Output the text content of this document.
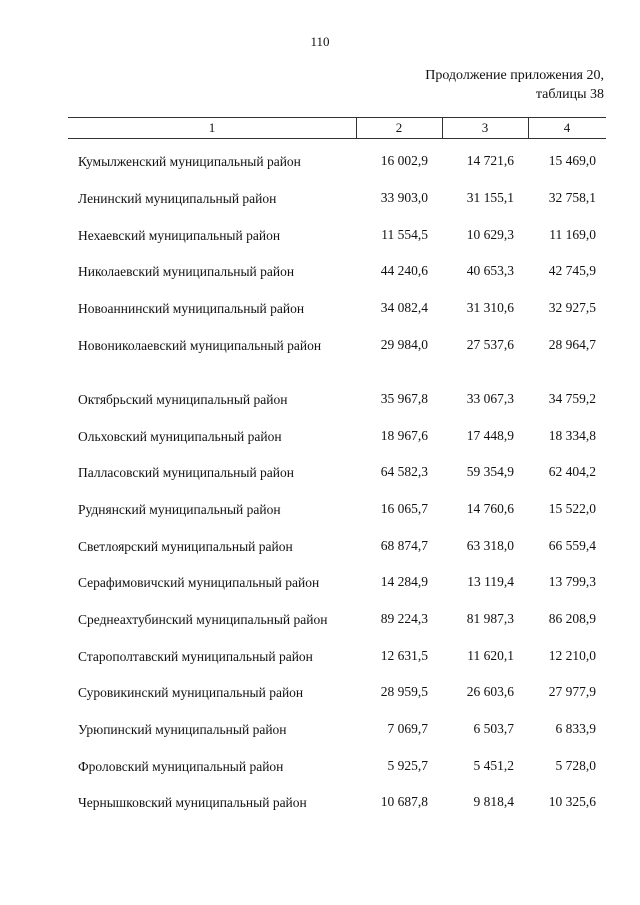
110
Продолжение приложения 20,
таблицы 38
1	2	3	4
Кумылженский муниципальный район	16 002,9	14 721,6	15 469,0
Ленинский муниципальный район	33 903,0	31 155,1	32 758,1
Нехаевский муниципальный район	11 554,5	10 629,3	11 169,0
Николаевский муниципальный район	44 240,6	40 653,3	42 745,9
Новоаннинский муниципальный район	34 082,4	31 310,6	32 927,5
Новониколаевский муниципальный район	29 984,0	27 537,6	28 964,7
Октябрьский муниципальный район	35 967,8	33 067,3	34 759,2
Ольховский муниципальный район	18 967,6	17 448,9	18 334,8
Палласовский муниципальный район	64 582,3	59 354,9	62 404,2
Руднянский муниципальный район	16 065,7	14 760,6	15 522,0
Светлоярский муниципальный район	68 874,7	63 318,0	66 559,4
Серафимовичский муниципальный район	14 284,9	13 119,4	13 799,3
Среднеахтубинский муниципальный район	89 224,3	81 987,3	86 208,9
Старополтавский муниципальный район	12 631,5	11 620,1	12 210,0
Суровикинский муниципальный район	28 959,5	26 603,6	27 977,9
Урюпинский муниципальный район	7 069,7	6 503,7	6 833,9
Фроловский муниципальный район	5 925,7	5 451,2	5 728,0
Чернышковский муниципальный район	10 687,8	9 818,4	10 325,6
